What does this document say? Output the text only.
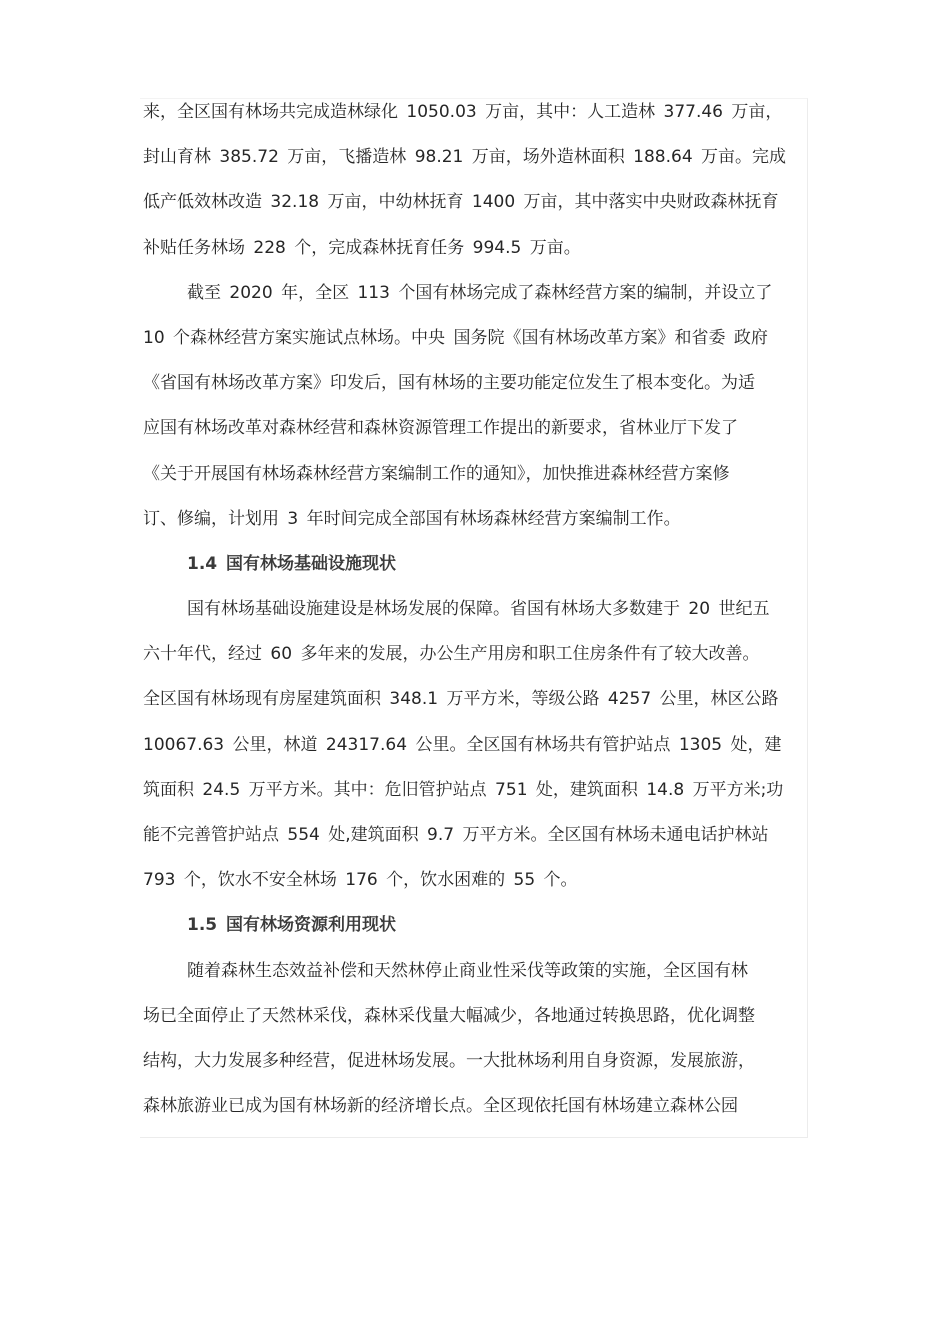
来，全区国有林场共完成造林绿化 1050.03 万亩，其中：人工造林 377.46 万亩，
封山育林 385.72 万亩，飞播造林 98.21 万亩，场外造林面积 188.64 万亩。完成
低产低效林改造 32.18 万亩，中幼林抚育 1400 万亩，其中落实中央财政森林抚育
补贴任务林场 228 个，完成森林抚育任务 994.5 万亩。
截至 2020 年，全区 113 个国有林场完成了森林经营方案的编制，并设立了
10 个森林经营方案实施试点林场。中央 国务院《国有林场改革方案》和省委 政府
《省国有林场改革方案》印发后，国有林场的主要功能定位发生了根本变化。为适
应国有林场改革对森林经营和森林资源管理工作提出的新要求，省林业厅下发了
《关于开展国有林场森林经营方案编制工作的通知》，加快推进森林经营方案修
订、修编，计划用 3 年时间完成全部国有林场森林经营方案编制工作。
1.4 国有林场基础设施现状
国有林场基础设施建设是林场发展的保障。省国有林场大多数建于 20 世纪五
六十年代，经过 60 多年来的发展，办公生产用房和职工住房条件有了较大改善。
全区国有林场现有房屋建筑面积 348.1 万平方米，等级公路 4257 公里，林区公路
10067.63 公里，林道 24317.64 公里。全区国有林场共有管护站点 1305 处，建
筑面积 24.5 万平方米。其中：危旧管护站点 751 处，建筑面积 14.8 万平方米;功
能不完善管护站点 554 处,建筑面积 9.7 万平方米。全区国有林场未通电话护林站
793 个，饮水不安全林场 176 个，饮水困难的 55 个。
1.5 国有林场资源利用现状
随着森林生态效益补偿和天然林停止商业性采伐等政策的实施，全区国有林
场已全面停止了天然林采伐，森林采伐量大幅减少，各地通过转换思路，优化调整
结构，大力发展多种经营，促进林场发展。一大批林场利用自身资源，发展旅游，
森林旅游业已成为国有林场新的经济增长点。全区现依托国有林场建立森林公园
